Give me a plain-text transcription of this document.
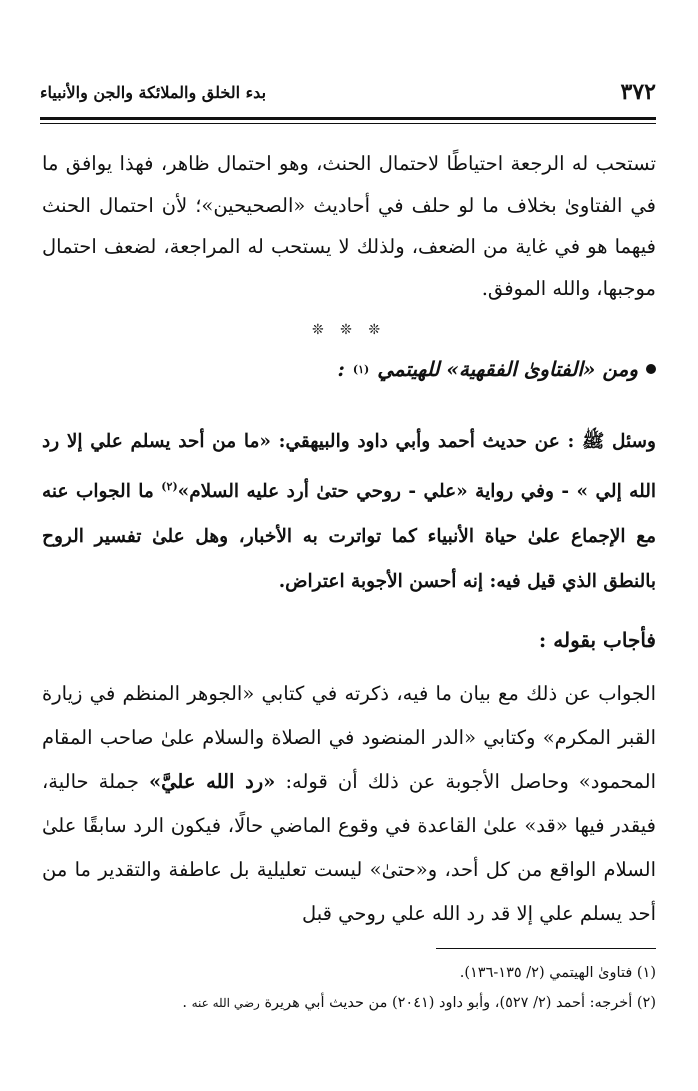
٣٧٢
بدء الخلق والملائكة والجن والأنبياء

تستحب له الرجعة احتياطًا لاحتمال الحنث، وهو احتمال ظاهر، فهذا يوافق ما في الفتاوىٰ بخلاف ما لو حلف في أحاديث «الصحيحين»؛ لأن احتمال الحنث فيهما هو في غاية من الضعف، ولذلك لا يستحب له المراجعة، لضعف احتمال موجبها، والله الموفق.

❊ ❊ ❊
ومن «الفتاوىٰ الفقهية» للهيتمي
(١)
:

وسئل ﷺ : عن حديث أحمد وأبي داود والبيهقي: «ما من أحد يسلم علي إلا رد الله إلي » - وفي رواية «علي - روحي حتىٰ أرد عليه السلام»$^{(٢)}$ ما الجواب عنه مع الإجماع علىٰ حياة الأنبياء كما تواترت به الأخبار، وهل علىٰ تفسير الروح بالنطق الذي قيل فيه: إنه أحسن الأجوبة اعتراض.

فأجاب بقوله :

الجواب عن ذلك مع بيان ما فيه، ذكرته في كتابي «الجوهر المنظم في زيارة القبر المكرم» وكتابي «الدر المنضود في الصلاة والسلام علىٰ صاحب المقام المحمود» وحاصل الأجوبة عن ذلك أن قوله: «رد الله عليَّ» جملة حالية، فيقدر فيها «قد» علىٰ القاعدة في وقوع الماضي حالًا، فيكون الرد سابقًا علىٰ السلام الواقع من كل أحد، و«حتىٰ» ليست تعليلية بل عاطفة والتقدير ما من أحد يسلم علي إلا قد رد الله علي روحي قبل

(١) فتاوىٰ الهيتمي (٢/ ١٣٥-١٣٦).

(٢) أخرجه: أحمد (٢/ ٥٢٧)، وأبو داود (٢٠٤١) من حديث أبي هريرة رضي الله عنه .
